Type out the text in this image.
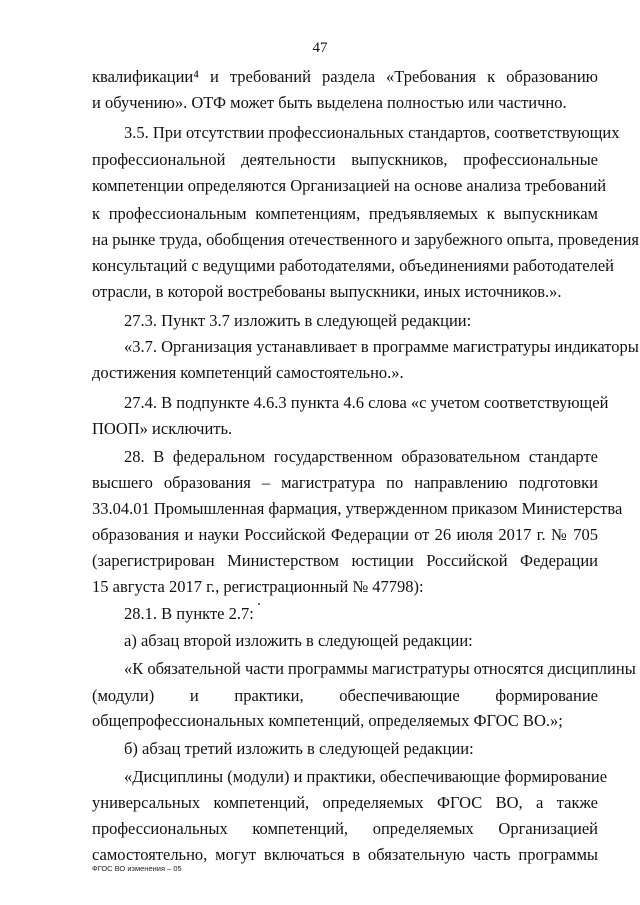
47
квалификации⁴ и требований раздела «Требования к образованию
и обучению». ОТФ может быть выделена полностью или частично.
3.5. При отсутствии профессиональных стандартов, соответствующих
профессиональной деятельности выпускников, профессиональные
компетенции определяются Организацией на основе анализа требований
к профессиональным компетенциям, предъявляемых к выпускникам
на рынке труда, обобщения отечественного и зарубежного опыта, проведения
консультаций с ведущими работодателями, объединениями работодателей
отрасли, в которой востребованы выпускники, иных источников.».
27.3. Пункт 3.7 изложить в следующей редакции:
«3.7. Организация устанавливает в программе магистратуры индикаторы
достижения компетенций самостоятельно.».
27.4. В подпункте 4.6.3 пункта 4.6 слова «с учетом соответствующей
ПООП» исключить.
28. В федеральном государственном образовательном стандарте
высшего образования – магистратура по направлению подготовки
33.04.01 Промышленная фармация, утвержденном приказом Министерства
образования и науки Российской Федерации от 26 июля 2017 г. № 705
(зарегистрирован Министерством юстиции Российской Федерации
15 августа 2017 г., регистрационный № 47798):
28.1. В пункте 2.7:
а) абзац второй изложить в следующей редакции:
«К обязательной части программы магистратуры относятся дисциплины
(модули) и практики, обеспечивающие формирование
общепрофессиональных компетенций, определяемых ФГОС ВО.»;
б) абзац третий изложить в следующей редакции:
«Дисциплины (модули) и практики, обеспечивающие формирование
универсальных компетенций, определяемых ФГОС ВО, а также
профессиональных компетенций, определяемых Организацией
самостоятельно, могут включаться в обязательную часть программы
ФГОС ВО изменения – 05
